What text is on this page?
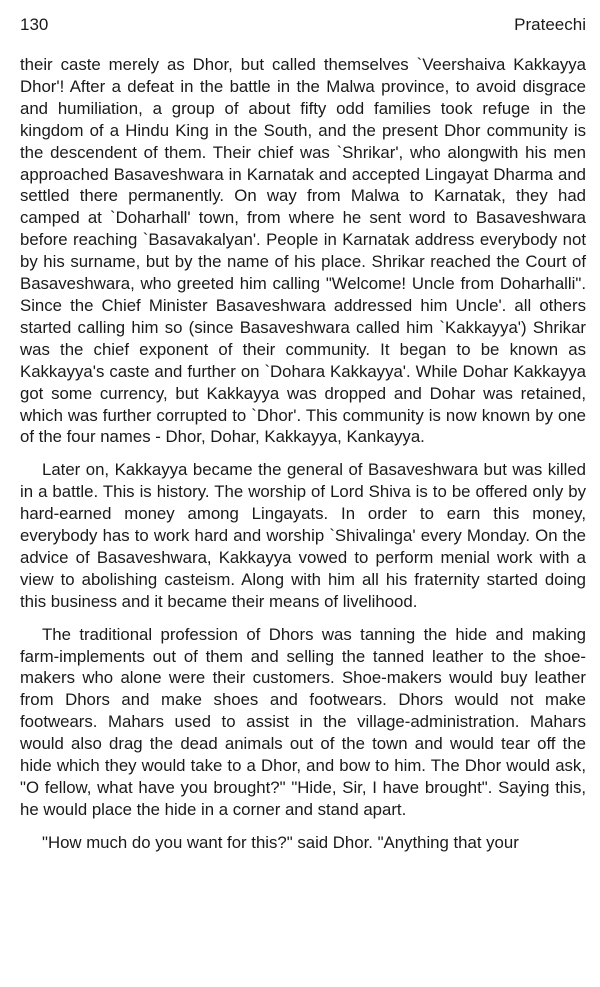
130	Prateechi

their caste merely as Dhor, but called themselves `Veershaiva Kakkayya Dhor'! After a defeat in the battle in the Malwa province, to avoid disgrace and humiliation, a group of about fifty odd families took refuge in the kingdom of a Hindu King in the South, and the present Dhor community is the descendent of them. Their chief was `Shrikar', who alongwith his men approached Basaveshwara in Karnatak and accepted Lingayat Dharma and settled there permanently. On way from Malwa to Karnatak, they had camped at `Doharhall' town, from where he sent word to Basaveshwara before reaching `Basavakalyan'. People in Karnatak address everybody not by his surname, but by the name of his place. Shrikar reached the Court of Basaveshwara, who greeted him calling "Welcome! Uncle from Doharhalli". Since the Chief Minister Basaveshwara addressed him Uncle'. all others started calling him so (since Basaveshwara called him `Kakkayya') Shrikar was the chief exponent of their community. It began to be known as Kakkayya's caste and further on `Dohara Kakkayya'. While Dohar Kakkayya got some currency, but Kakkayya was dropped and Dohar was retained, which was further corrupted to `Dhor'. This community is now known by one of the four names - Dhor, Dohar, Kakkayya, Kankayya.

Later on, Kakkayya became the general of Basaveshwara but was killed in a battle. This is history. The worship of Lord Shiva is to be offered only by hard-earned money among Lingayats. In order to earn this money, everybody has to work hard and worship `Shivalinga' every Monday. On the advice of Basaveshwara, Kakkayya vowed to perform menial work with a view to abolishing casteism. Along with him all his fraternity started doing this business and it became their means of livelihood.

The traditional profession of Dhors was tanning the hide and making farm-implements out of them and selling the tanned leather to the shoe-makers who alone were their customers. Shoe-makers would buy leather from Dhors and make shoes and footwears. Dhors would not make footwears. Mahars used to assist in the village-administration. Mahars would also drag the dead animals out of the town and would tear off the hide which they would take to a Dhor, and bow to him. The Dhor would ask, "O fellow, what have you brought?" "Hide, Sir, I have brought". Saying this, he would place the hide in a corner and stand apart.

"How much do you want for this?" said Dhor. "Anything that your
